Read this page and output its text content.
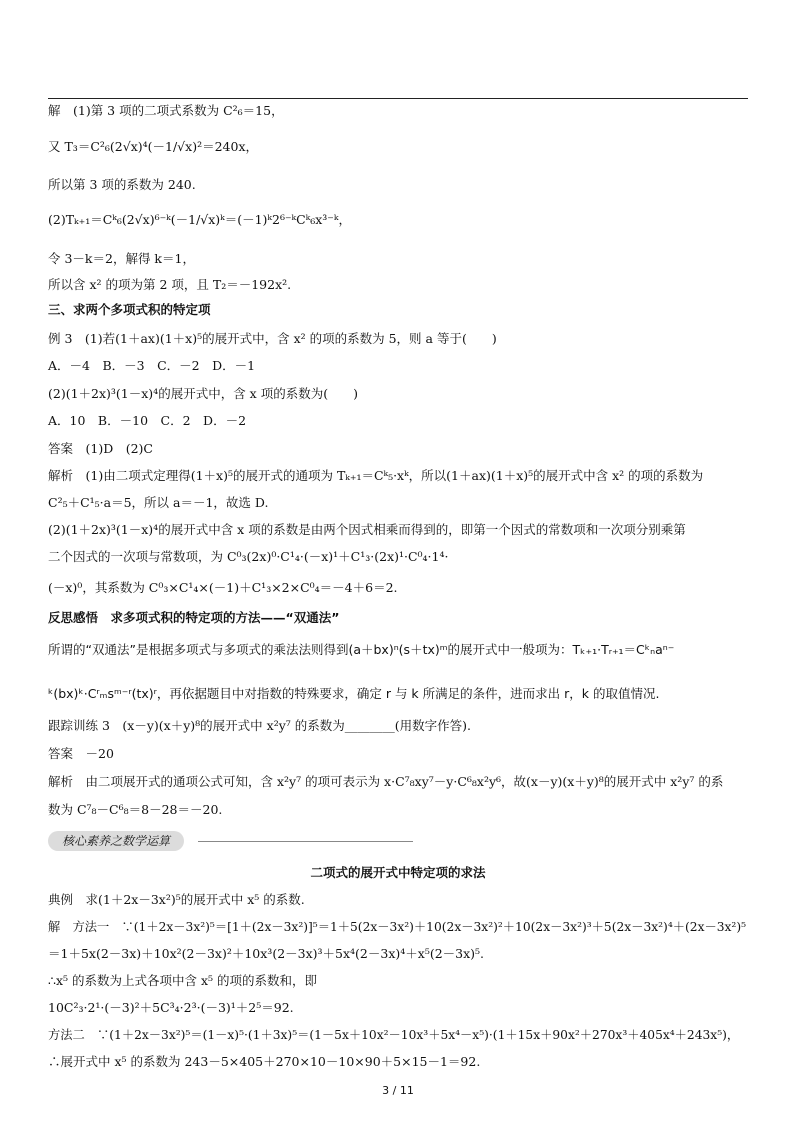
解　(1)第 3 项的二项式系数为 C²₆＝15，
又 T₃＝C²₆(2√x)⁴(－1/√x)²＝240x，
所以第 3 项的系数为 240.
(2)Tₖ₊₁＝Cᵏ₆(2√x)⁶⁻ᵏ(－1/√x)ᵏ＝(－1)ᵏ2⁶⁻ᵏCᵏ₆x³⁻ᵏ，
令 3－k＝2，解得 k＝1，
所以含 x² 的项为第 2 项，且 T₂＝－192x².
三、求两个多项式积的特定项
例 3　(1)若(1＋ax)(1＋x)⁵的展开式中，含 x² 的项的系数为 5，则 a 等于(　　)
A．－4　B．－3　C．－2　D．－1
(2)(1＋2x)³(1－x)⁴的展开式中，含 x 项的系数为(　　)
A．10　B．－10　C．2　D．－2
答案　(1)D　(2)C
解析　(1)由二项式定理得(1＋x)⁵的展开式的通项为 Tₖ₊₁＝Cᵏ₅·xᵏ，所以(1＋ax)(1＋x)⁵的展开式中含 x² 的项的系数为
C²₅＋C¹₅·a＝5，所以 a＝－1，故选 D.
(2)(1＋2x)³(1－x)⁴的展开式中含 x 项的系数是由两个因式相乘而得到的，即第一个因式的常数项和一次项分别乘第
二个因式的一次项与常数项，为 C⁰₃(2x)⁰·C¹₄·(－x)¹＋C¹₃·(2x)¹·C⁰₄·1⁴·
(－x)⁰，其系数为 C⁰₃×C¹₄×(－1)＋C¹₃×2×C⁰₄＝－4＋6＝2.
反思感悟　求多项式积的特定项的方法——“双通法”
所谓的“双通法”是根据多项式与多项式的乘法法则得到(a＋bx)ⁿ(s＋tx)ᵐ的展开式中一般项为：Tₖ₊₁·Tᵣ₊₁＝Cᵏₙaⁿ⁻
ᵏ(bx)ᵏ·Cʳₘsᵐ⁻ʳ(tx)ʳ，再依据题目中对指数的特殊要求，确定 r 与 k 所满足的条件，进而求出 r，k 的取值情况.
跟踪训练 3　(x－y)(x＋y)⁸的展开式中 x²y⁷ 的系数为________(用数字作答).
答案　－20
解析　由二项展开式的通项公式可知，含 x²y⁷ 的项可表示为 x·C⁷₈xy⁷－y·C⁶₈x²y⁶，故(x－y)(x＋y)⁸的展开式中 x²y⁷ 的系
数为 C⁷₈－C⁶₈＝8－28＝－20.
核心素养之数学运算
二项式的展开式中特定项的求法
典例　求(1＋2x－3x²)⁵的展开式中 x⁵ 的系数.
解　方法一　∵(1＋2x－3x²)⁵＝[1＋(2x－3x²)]⁵＝1＋5(2x－3x²)＋10(2x－3x²)²＋10(2x－3x²)³＋5(2x－3x²)⁴＋(2x－3x²)⁵
＝1＋5x(2－3x)＋10x²(2－3x)²＋10x³(2－3x)³＋5x⁴(2－3x)⁴＋x⁵(2－3x)⁵.
∴x⁵ 的系数为上式各项中含 x⁵ 的项的系数和，即
10C²₃·2¹·(－3)²＋5C³₄·2³·(－3)¹＋2⁵＝92.
方法二　∵(1＋2x－3x²)⁵＝(1－x)⁵·(1＋3x)⁵＝(1－5x＋10x²－10x³＋5x⁴－x⁵)·(1＋15x＋90x²＋270x³＋405x⁴＋243x⁵)，
∴展开式中 x⁵ 的系数为 243－5×405＋270×10－10×90＋5×15－1＝92.
3 / 11
